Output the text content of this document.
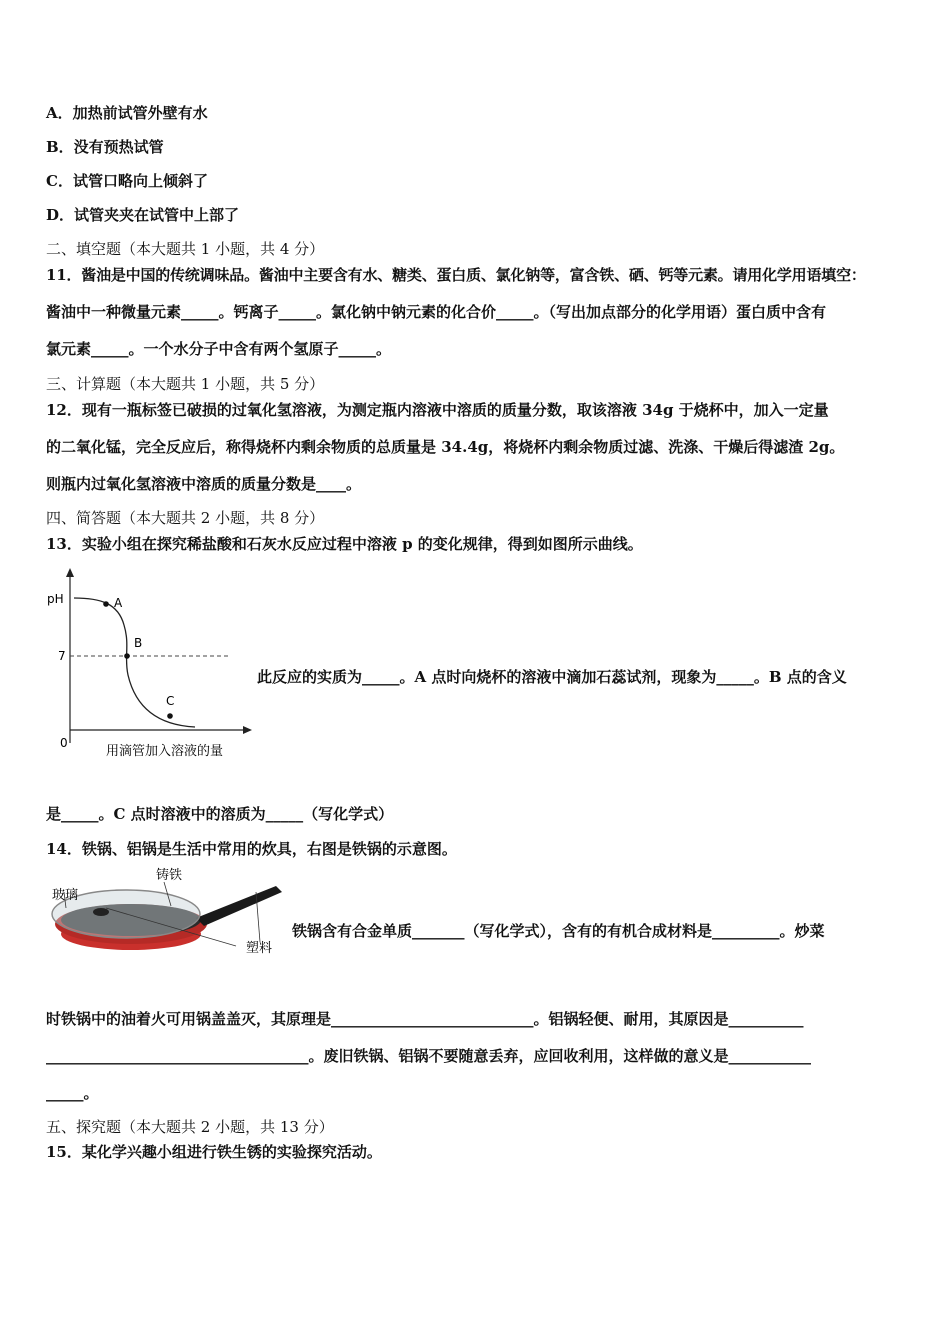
A．加热前试管外壁有水
B．没有预热试管
C．试管口略向上倾斜了
D．试管夹夹在试管中上部了
二、填空题（本大题共 1 小题，共 4 分）
11．酱油是中国的传统调味品。酱油中主要含有水、糖类、蛋白质、氯化钠等，富含铁、硒、钙等元素。请用化学用语填空：
酱油中一种微量元素_____。钙离子_____。氯化钠中钠元素的化合价_____。（写出加点部分的化学用语）蛋白质中含有
氯元素_____。一个水分子中含有两个氢原子_____。
三、计算题（本大题共 1 小题，共 5 分）
12．现有一瓶标签已破损的过氧化氢溶液，为测定瓶内溶液中溶质的质量分数，取该溶液 34g 于烧杯中，加入一定量
的二氧化锰，完全反应后，称得烧杯内剩余物质的总质量是 34.4g，将烧杯内剩余物质过滤、洗涤、干燥后得滤渣 2g。
则瓶内过氧化氢溶液中溶质的质量分数是____。
四、简答题（本大题共 2 小题，共 8 分）
13．实验小组在探究稀盐酸和石灰水反应过程中溶液 p 的变化规律，得到如图所示曲线。
pH
7
0
A
B
C
用滴管加入溶液的量
此反应的实质为_____。A 点时向烧杯的溶液中滴加石蕊试剂，现象为_____。B 点的含义
是_____。C 点时溶液中的溶质为_____（写化学式）
14．铁锅、铝锅是生活中常用的炊具，右图是铁锅的示意图。
玻璃
铸铁
塑料
铁锅含有合金单质_______（写化学式），含有的有机合成材料是_________。炒菜
时铁锅中的油着火可用锅盖盖灭，其原理是___________________________。铝锅轻便、耐用，其原因是__________
___________________________________。废旧铁锅、铝锅不要随意丢弃，应回收利用，这样做的意义是___________
_____。
五、探究题（本大题共 2 小题，共 13 分）
15．某化学兴趣小组进行铁生锈的实验探究活动。
